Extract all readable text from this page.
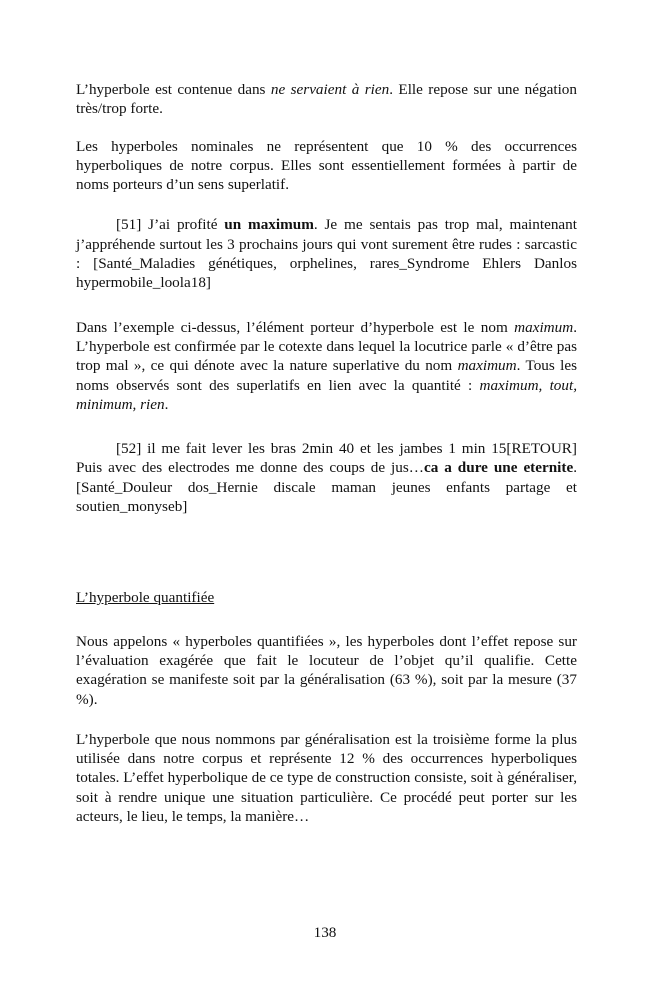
L’hyperbole est contenue dans ne servaient à rien. Elle repose sur une négation très/trop forte.

Les hyperboles nominales ne représentent que 10 % des occurrences hyperboliques de notre corpus. Elles sont essentiellement formées à partir de noms porteurs d’un sens superlatif.

[51] J’ai profité un maximum. Je me sentais pas trop mal, maintenant j’appréhende surtout les 3 prochains jours qui vont surement être rudes : sarcastic : [Santé_Maladies génétiques, orphelines, rares_Syndrome Ehlers Danlos hypermobile_loola18]

Dans l’exemple ci-dessus, l’élément porteur d’hyperbole est le nom maximum. L’hyperbole est confirmée par le cotexte dans lequel la locutrice parle « d’être pas trop mal », ce qui dénote avec la nature superlative du nom maximum. Tous les noms observés sont des superlatifs en lien avec la quantité : maximum, tout, minimum, rien.

[52] il me fait lever les bras 2min 40 et les jambes 1 min 15[RETOUR] Puis avec des electrodes me donne des coups de jus…ca a dure une eternite. [Santé_Douleur dos_Hernie discale maman jeunes enfants partage et soutien_monyseb]

L’hyperbole quantifiée

Nous appelons « hyperboles quantifiées », les hyperboles dont l’effet repose sur l’évaluation exagérée que fait le locuteur de l’objet qu’il qualifie. Cette exagération se manifeste soit par la généralisation (63 %), soit par la mesure (37 %).

L’hyperbole que nous nommons par généralisation est la troisième forme la plus utilisée dans notre corpus et représente 12 % des occurrences hyperboliques totales. L’effet hyperbolique de ce type de construction consiste, soit à généraliser, soit à rendre unique une situation particulière. Ce procédé peut porter sur les acteurs, le lieu, le temps, la manière…

138
